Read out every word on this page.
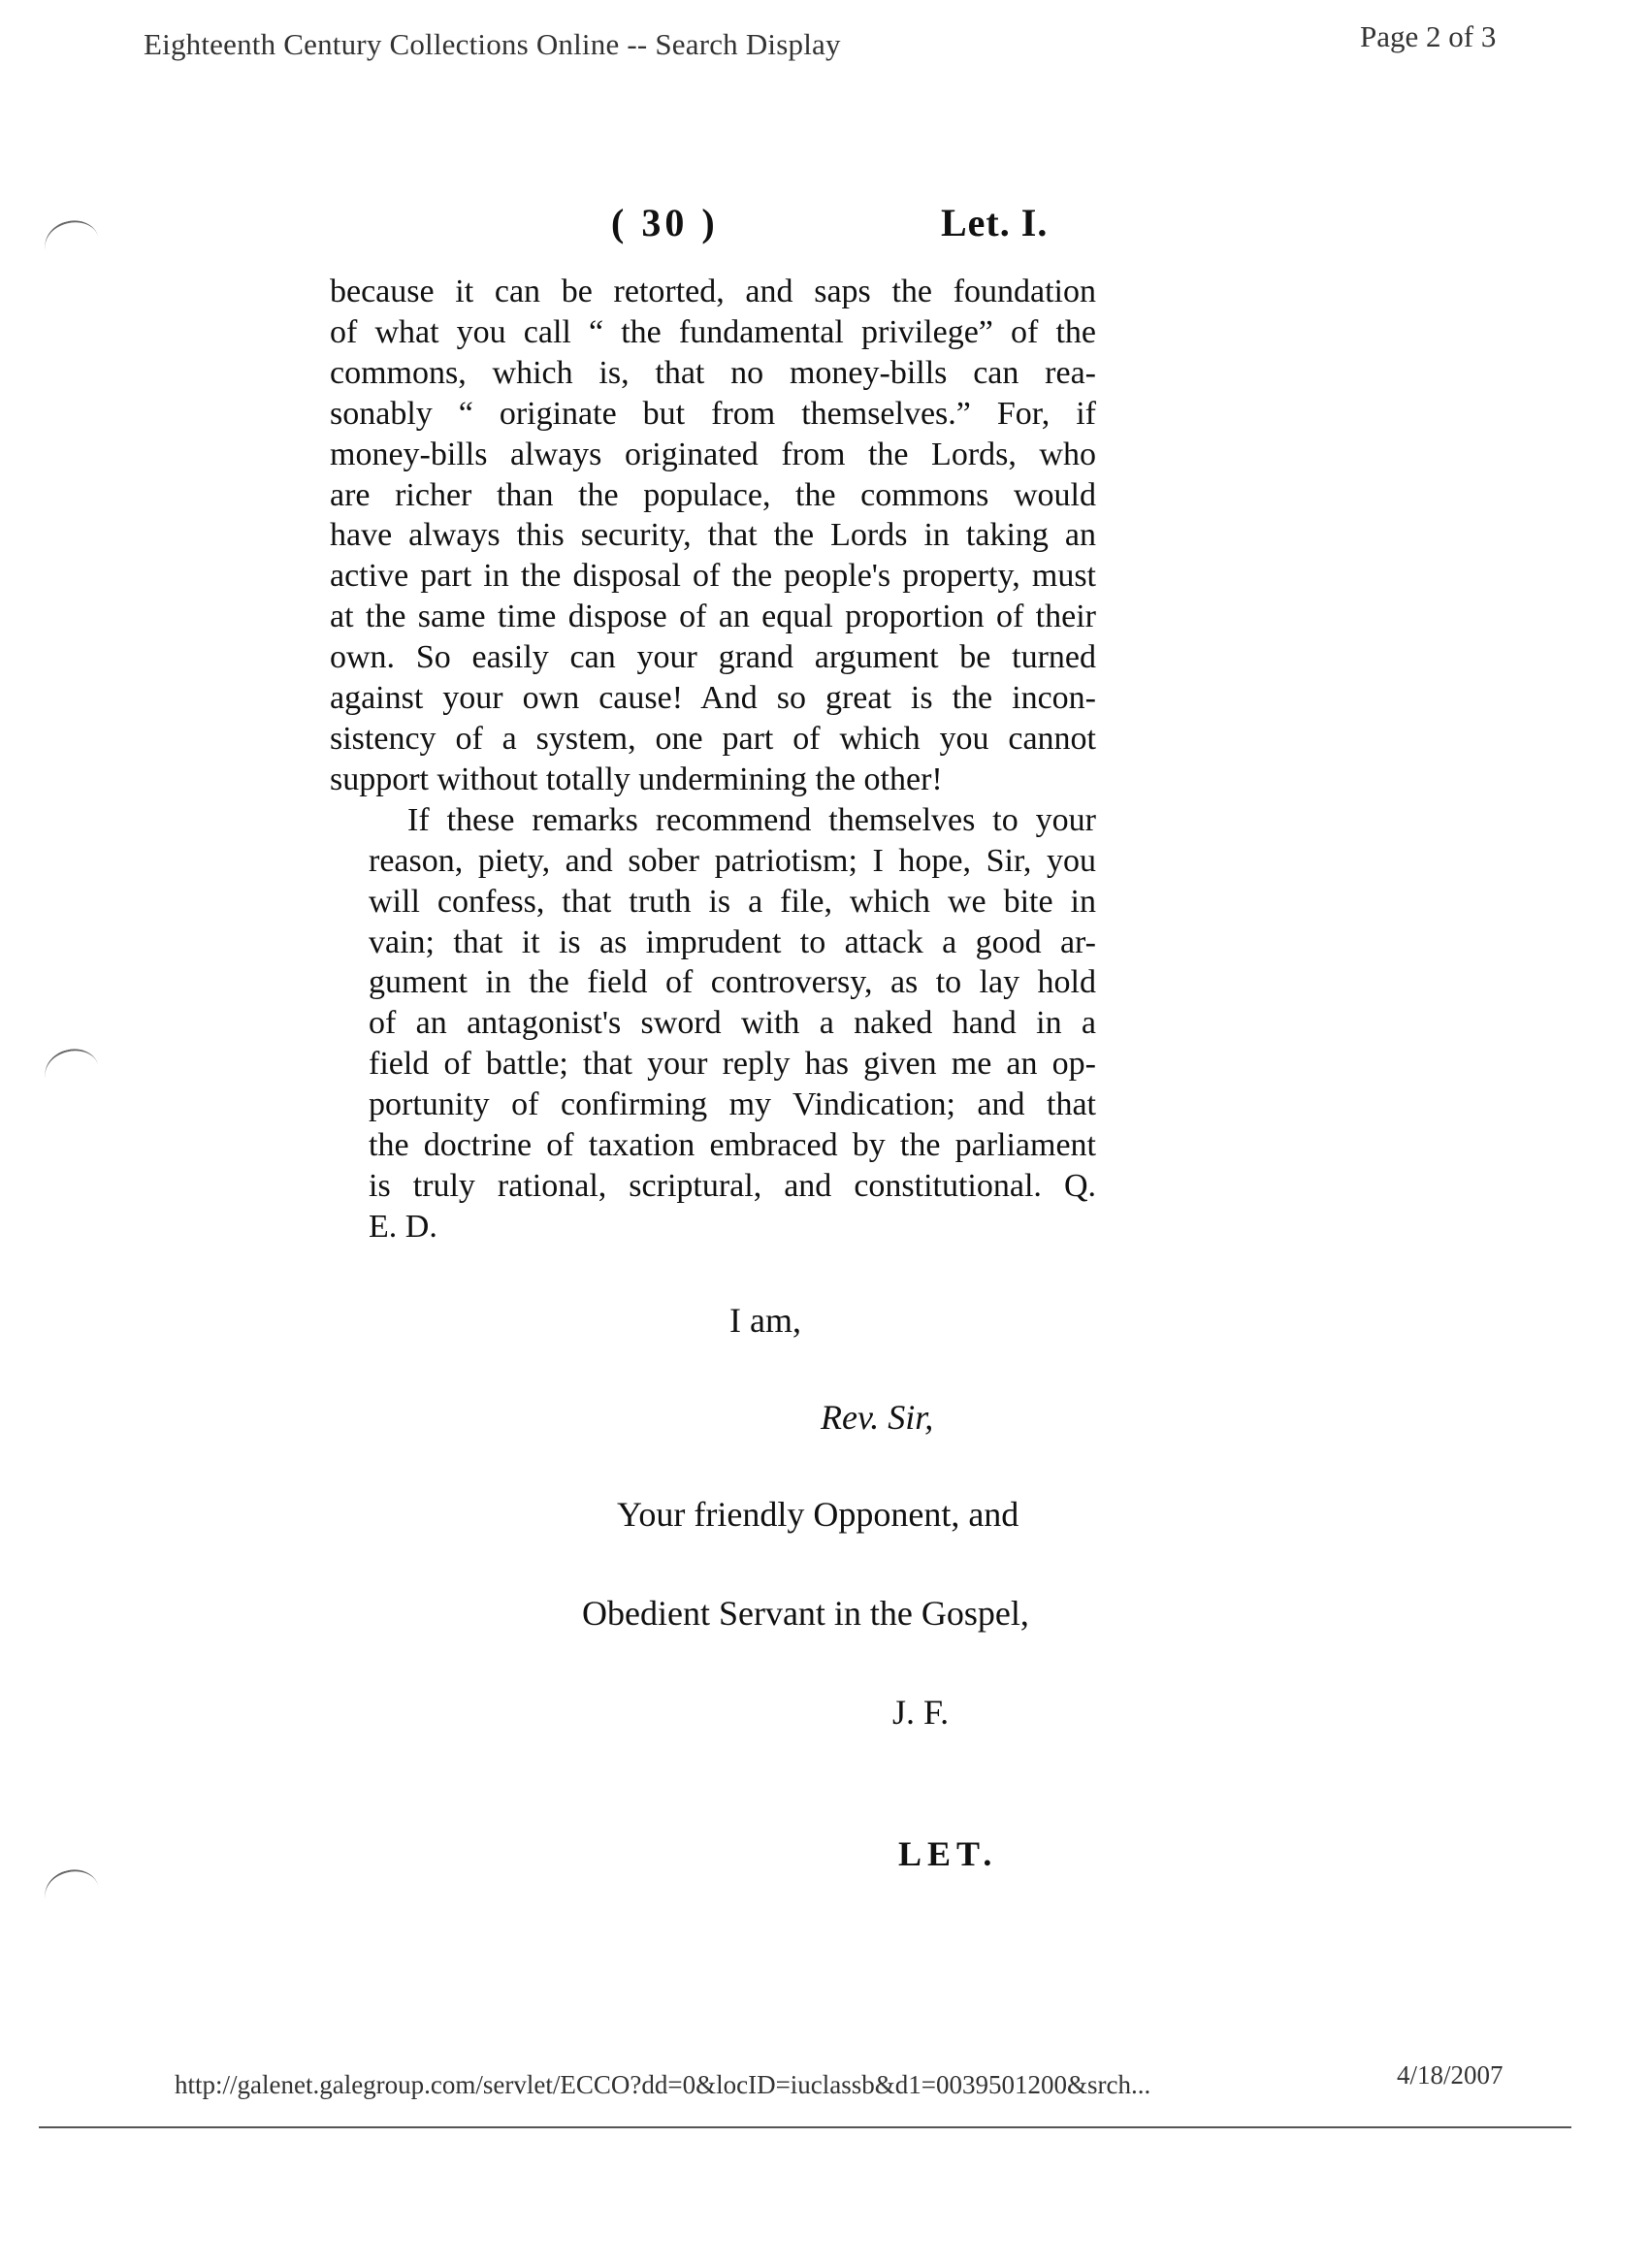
Eighteenth Century Collections Online -- Search Display	Page 2 of 3
( 30 )	Let. I.

because it can be retorted, and saps the foundation
of what you call “ the fundamental privilege” of the
commons, which is, that no money-bills can rea-
sonably “ originate but from themselves.” For, if
money-bills always originated from the Lords, who
are richer than the populace, the commons would
have always this security, that the Lords in taking an
active part in the disposal of the people's property, must
at the same time dispose of an equal proportion of their
own. So easily can your grand argument be turned
against your own cause! And so great is the incon-
sistency of a system, one part of which you cannot
support without totally undermining the other!

If these remarks recommend themselves to your
reason, piety, and sober patriotism; I hope, Sir, you
will confess, that truth is a file, which we bite in
vain; that it is as imprudent to attack a good ar-
gument in the field of controversy, as to lay hold
of an antagonist's sword with a naked hand in a
field of battle; that your reply has given me an op-
portunity of confirming my Vindication; and that
the doctrine of taxation embraced by the parliament
is truly rational, scriptural, and constitutional. Q.
E. D.

I am,
Rev. Sir,
Your friendly Opponent, and
Obedient Servant in the Gospel,
J. F.
LET.
http://galenet.galegroup.com/servlet/ECCO?dd=0&locID=iuclassb&d1=0039501200&srch...	4/18/2007
